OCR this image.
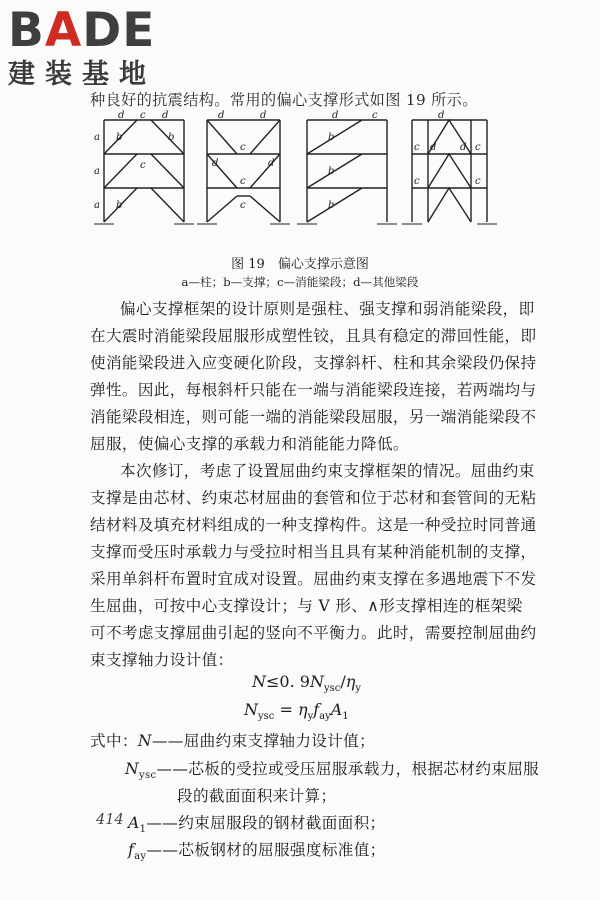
BADE
建装基地
种良好的抗震结构。常用的偏心支撑形式如图 19 所示。
d c d
a b	b
c
a
b
a
d	d
c
c
c
d	d
d	c
b
b
b
c d d c
d
c	c
图 19　偏心支撑示意图
a—柱；b—支撑；c—消能梁段；d—其他梁段
偏心支撑框架的设计原则是强柱、强支撑和弱消能梁段，即
在大震时消能梁段屈服形成塑性铰，且具有稳定的滞回性能，即
使消能梁段进入应变硬化阶段，支撑斜杆、柱和其余梁段仍保持
弹性。因此，每根斜杆只能在一端与消能梁段连接，若两端均与
消能梁段相连，则可能一端的消能梁段屈服，另一端消能梁段不
屈服，使偏心支撑的承载力和消能能力降低。
本次修订，考虑了设置屈曲约束支撑框架的情况。屈曲约束
支撑是由芯材、约束芯材屈曲的套管和位于芯材和套管间的无粘
结材料及填充材料组成的一种支撑构件。这是一种受拉时同普通
支撑而受压时承载力与受拉时相当且具有某种消能机制的支撑，
采用单斜杆布置时宜成对设置。屈曲约束支撑在多遇地震下不发
生屈曲，可按中心支撑设计；与 V 形、∧形支撑相连的框架梁
可不考虑支撑屈曲引起的竖向不平衡力。此时，需要控制屈曲约
束支撑轴力设计值：
N≤0. $9N_{ysc}/\eta_y$
$N_{ysc} = \eta_yf_{ay}A_1$
式中：N——屈曲约束支撑轴力设计值；
$N_{ysc}——$芯板的受拉或受压屈服承载力，根据芯材约束屈服
段的截面面积来计算；
$A_1——$约束屈服段的钢材截面面积；
$f_{ay}——$芯板钢材的屈服强度标准值；
414
